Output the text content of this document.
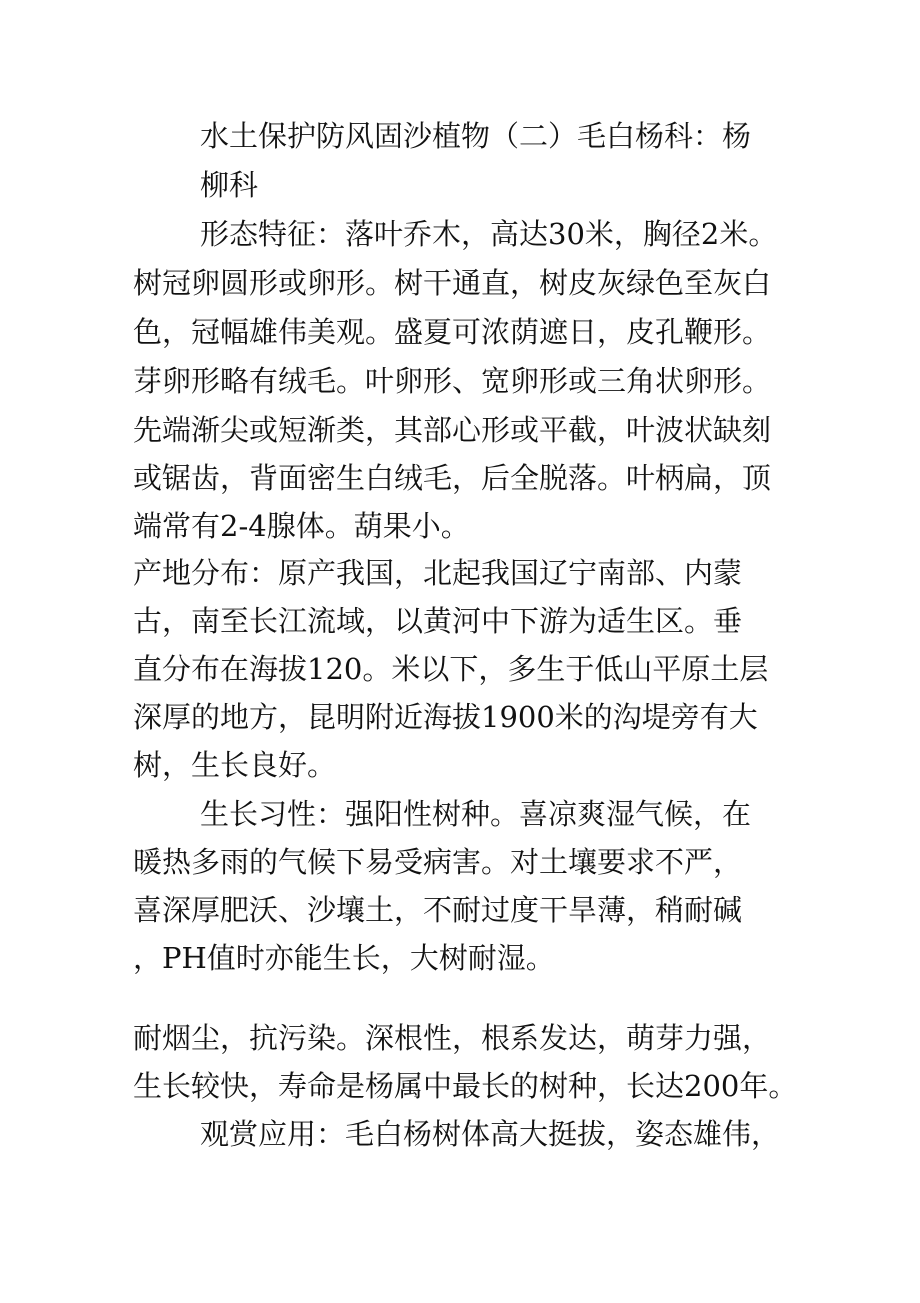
水土保护防风固沙植物（二）毛白杨科：杨
柳科
形态特征：落叶乔木，高达30米，胸径2米。
树冠卵圆形或卵形。树干通直，树皮灰绿色至灰白
色，冠幅雄伟美观。盛夏可浓荫遮日，皮孔鞭形。
芽卵形略有绒毛。叶卵形、宽卵形或三角状卵形。
先端渐尖或短渐类，其部心形或平截，叶波状缺刻
或锯齿，背面密生白绒毛，后全脱落。叶柄扁，顶
端常有2-4腺体。葫果小。
产地分布：原产我国，北起我国辽宁南部、内蒙
古，南至长江流域，以黄河中下游为适生区。垂
直分布在海拔120。米以下，多生于低山平原土层
深厚的地方，昆明附近海拔1900米的沟堤旁有大
树，生长良好。
生长习性：强阳性树种。喜凉爽湿气候，在
暖热多雨的气候下易受病害。对土壤要求不严，
喜深厚肥沃、沙壤土，不耐过度干旱薄，稍耐碱
，PH值时亦能生长，大树耐湿。
耐烟尘，抗污染。深根性，根系发达，萌芽力强，
生长较快，寿命是杨属中最长的树种，长达200年。
观赏应用：毛白杨树体高大挺拔，姿态雄伟，
